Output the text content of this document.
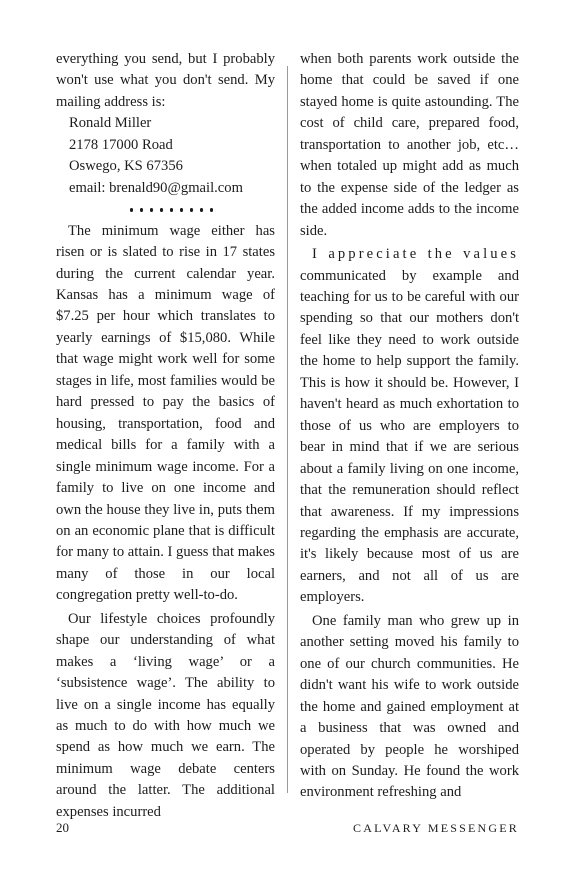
everything you send, but I probably won't use what you don't send. My mailing address is:

Ronald Miller
2178 17000 Road
Oswego, KS 67356
email: brenald90@gmail.com

The minimum wage either has risen or is slated to rise in 17 states during the current calendar year. Kansas has a minimum wage of $7.25 per hour which translates to yearly earnings of $15,080. While that wage might work well for some stages in life, most families would be hard pressed to pay the basics of housing, transportation, food and medical bills for a family with a single minimum wage income. For a family to live on one income and own the house they live in, puts them on an economic plane that is difficult for many to attain. I guess that makes many of those in our local congregation pretty well-to-do.

Our lifestyle choices profoundly shape our understanding of what makes a ‘living wage’ or a ‘subsistence wage’. The ability to live on a single income has equally as much to do with how much we spend as how much we earn. The minimum wage debate centers around the latter. The additional expenses incurred

when both parents work outside the home that could be saved if one stayed home is quite astounding. The cost of child care, prepared food, transportation to another job, etc… when totaled up might add as much to the expense side of the ledger as the added income adds to the income side.

I appreciate the values communicated by example and teaching for us to be careful with our spending so that our mothers don't feel like they need to work outside the home to help support the family. This is how it should be. However, I haven't heard as much exhortation to those of us who are employers to bear in mind that if we are serious about a family living on one income, that the remuneration should reflect that awareness. If my impressions regarding the emphasis are accurate, it's likely because most of us are earners, and not all of us are employers.

One family man who grew up in another setting moved his family to one of our church communities. He didn't want his wife to work outside the home and gained employment at a business that was owned and operated by people he worshiped with on Sunday. He found the work environment refreshing and

20	CALVARY MESSENGER
